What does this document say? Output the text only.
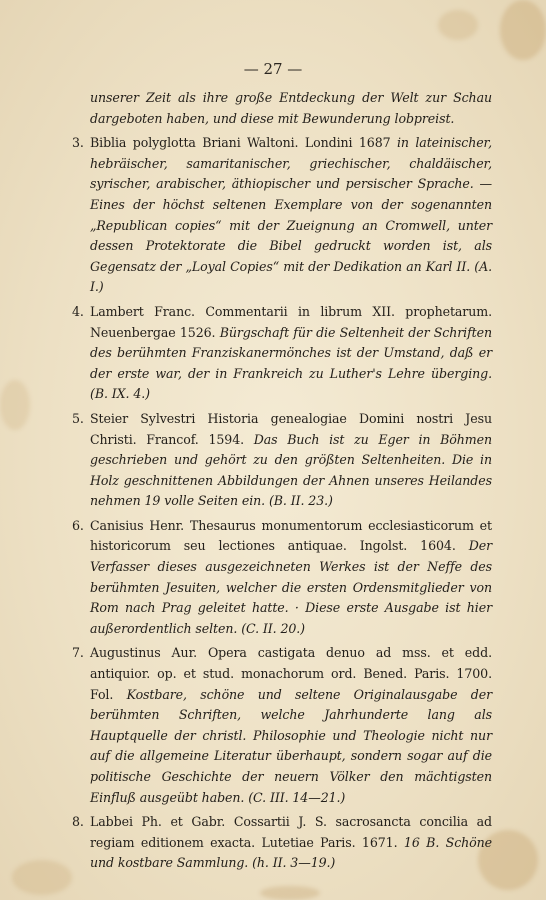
— 27 —

unserer Zeit als ihre große Entdeckung der Welt zur Schau dargeboten haben, und diese mit Bewunderung lobpreist.

3. Biblia polyglotta Briani Waltoni. Londini 1687 in lateinischer, hebräischer, samaritanischer, griechischer, chaldäischer, syrischer, arabischer, äthiopischer und persischer Sprache. — Eines der höchst seltenen Exemplare von der sogenannten „Republican copies“ mit der Zueignung an Cromwell, unter dessen Protektorate die Bibel gedruckt worden ist, als Gegensatz der „Loyal Copies“ mit der Dedikation an Karl II. (A. I.)
4. Lambert Franc. Commentarii in librum XII. prophetarum. Neuenbergae 1526. Bürgschaft für die Seltenheit der Schriften des berühmten Franziskanermönches ist der Umstand, daß er der erste war, der in Frankreich zu Luther's Lehre überging. (B. IX. 4.)
5. Steier Sylvestri Historia genealogiae Domini nostri Jesu Christi. Francof. 1594. Das Buch ist zu Eger in Böhmen geschrieben und gehört zu den größten Seltenheiten. Die in Holz geschnittenen Abbildungen der Ahnen unseres Heilandes nehmen 19 volle Seiten ein. (B. II. 23.)
6. Canisius Henr. Thesaurus monumentorum ecclesiasticorum et historicorum seu lectiones antiquae. Ingolst. 1604. Der Verfasser dieses ausgezeichneten Werkes ist der Neffe des berühmten Jesuiten, welcher die ersten Ordensmitglieder von Rom nach Prag geleitet hatte. · Diese erste Ausgabe ist hier außerordentlich selten. (C. II. 20.)
7. Augustinus Aur. Opera castigata denuo ad mss. et edd. antiquior. op. et stud. monachorum ord. Bened. Paris. 1700. Fol. Kostbare, schöne und seltene Originalausgabe der berühmten Schriften, welche Jahrhunderte lang als Hauptquelle der christl. Philosophie und Theologie nicht nur auf die allgemeine Literatur überhaupt, sondern sogar auf die politische Geschichte der neuern Völker den mächtigsten Einfluß ausgeübt haben. (C. III. 14—21.)
8. Labbei Ph. et Gabr. Cossartii J. S. sacrosancta concilia ad regiam editionem exacta. Lutetiae Paris. 1671. 16 B. Schöne und kostbare Sammlung. (h. II. 3—19.)
